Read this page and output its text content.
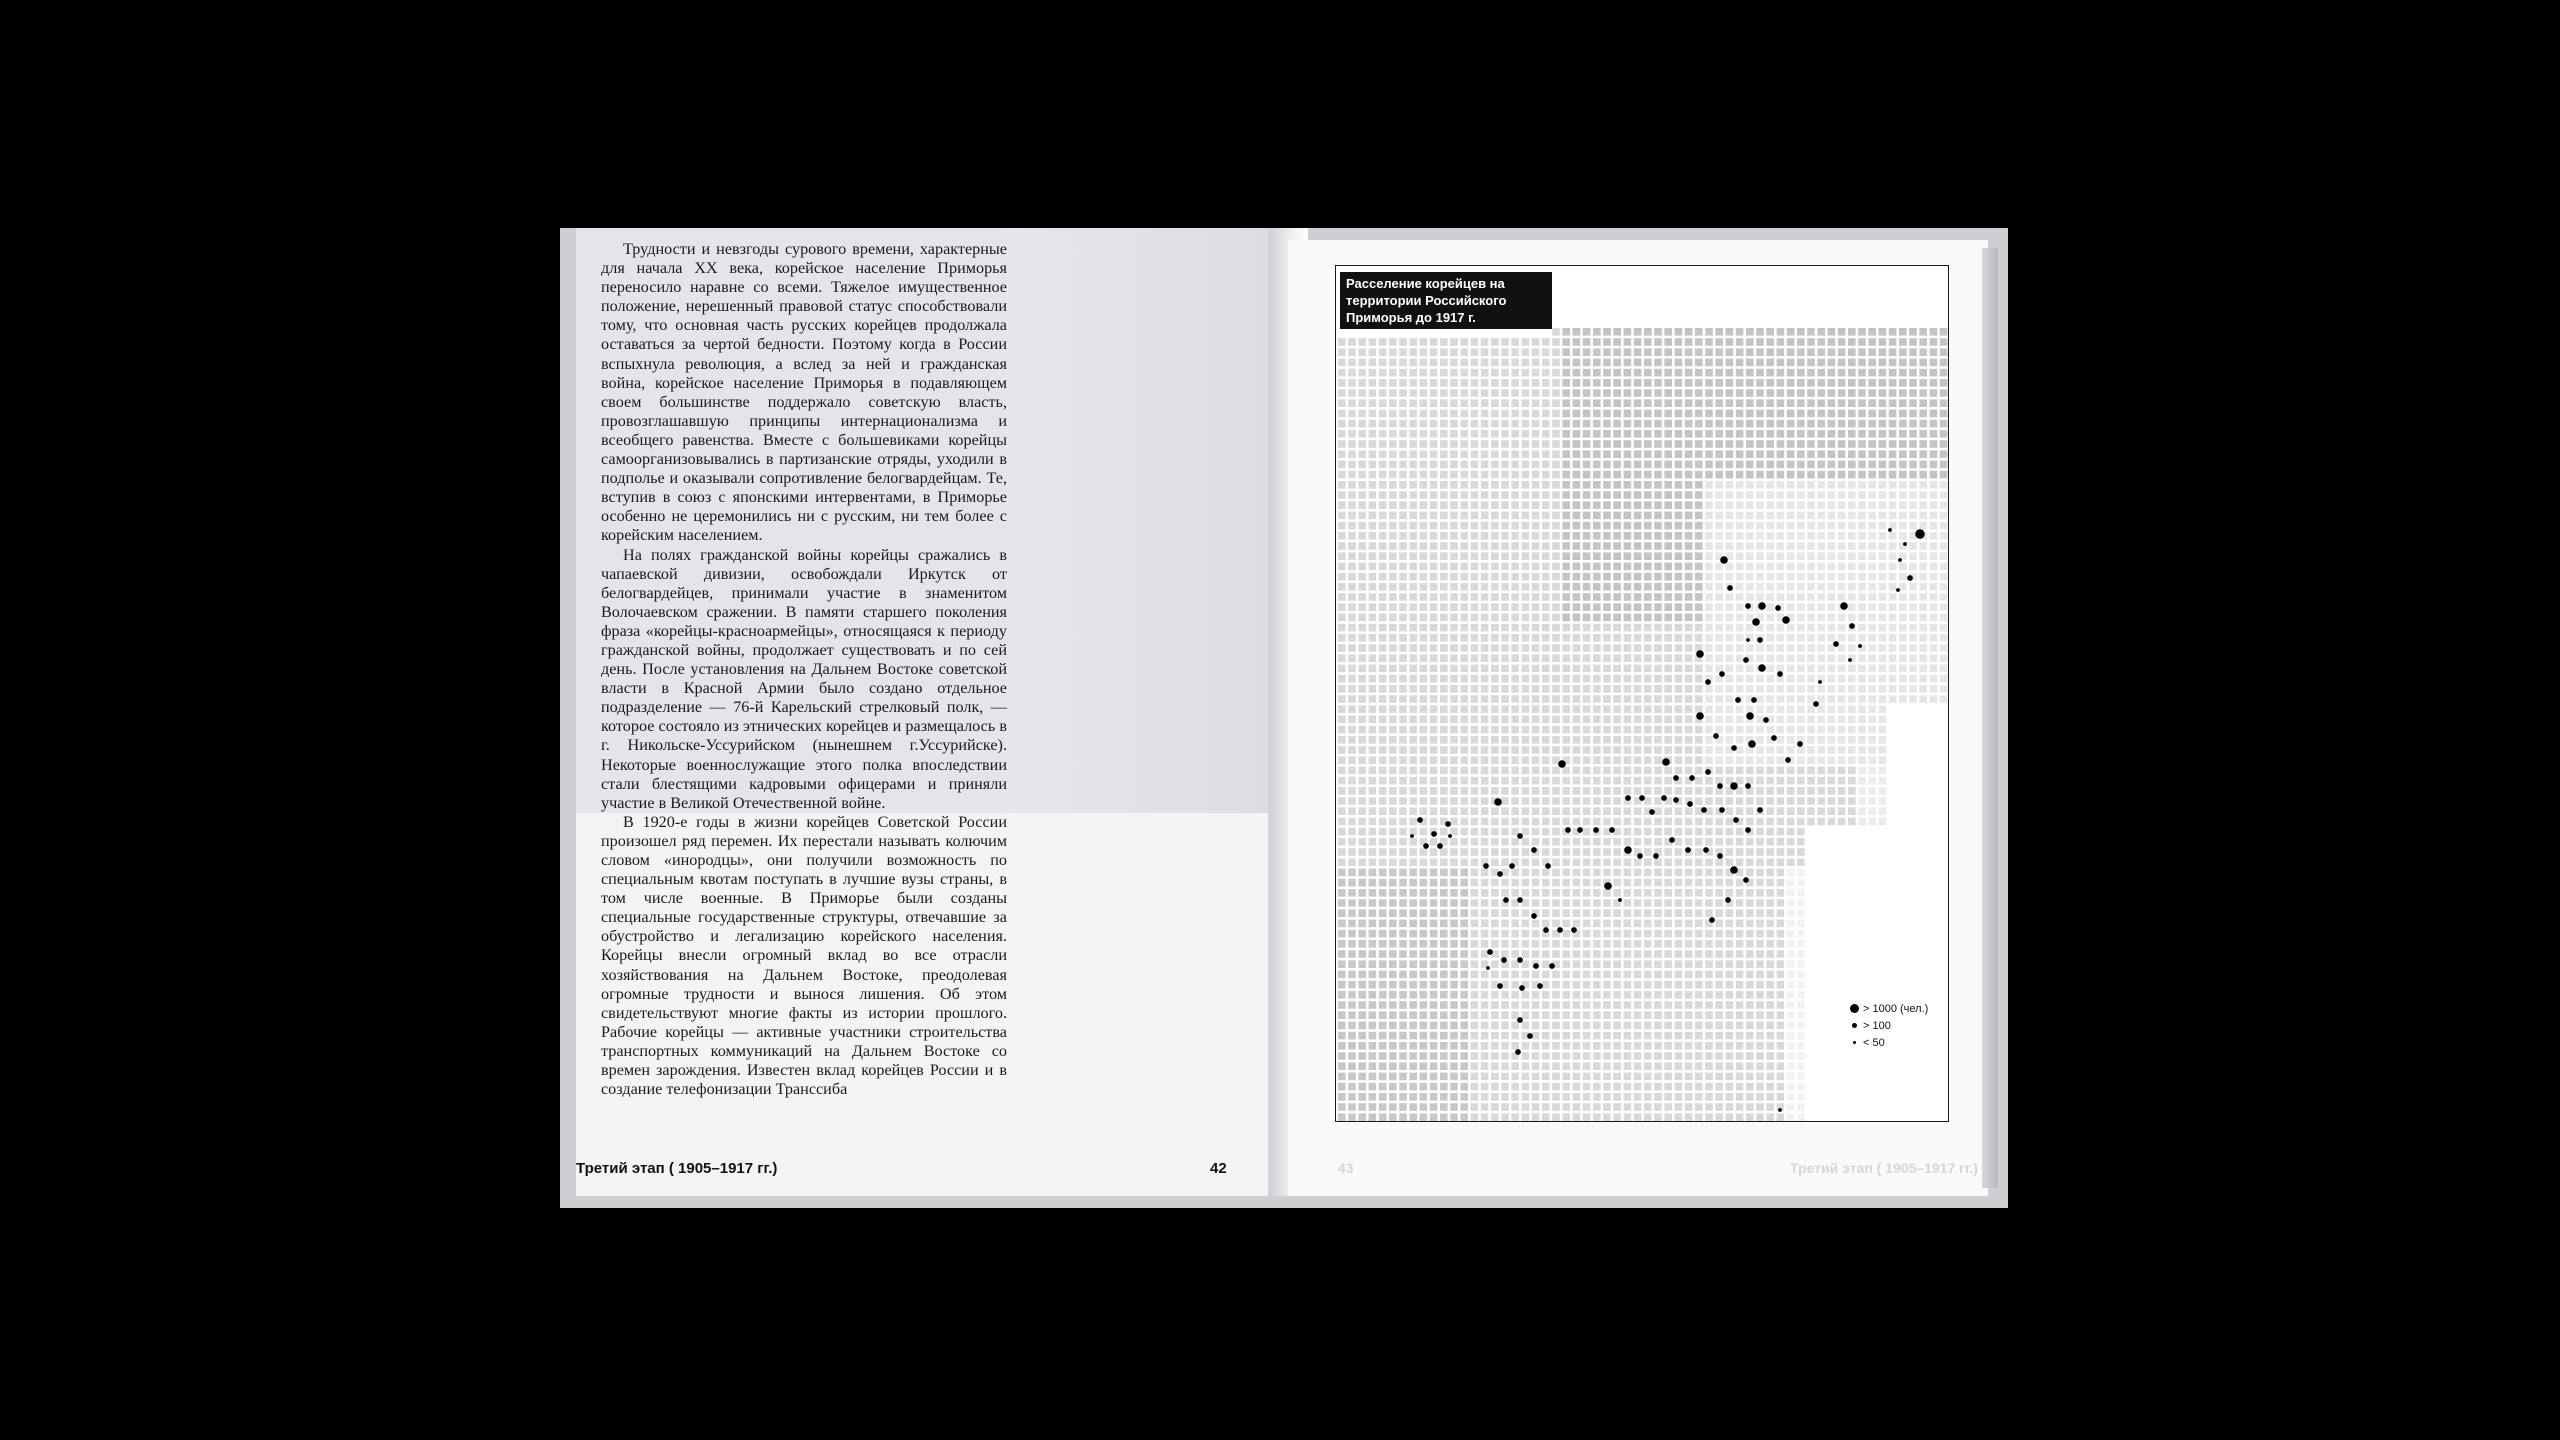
Трудности и невзгоды сурового времени, характерные для начала XX века, корейское население Приморья переносило наравне со всеми. Тяжелое имущественное положение, нерешенный правовой статус способствовали тому, что основная часть русских корейцев продолжала оставаться за чертой бедности. Поэтому когда в России вспыхнула революция, а вслед за ней и гражданская война, корейское население Приморья в подавляющем своем большинстве поддержало советскую власть, провозглашавшую принципы интернационализма и всеобщего равенства. Вместе с большевиками корейцы самоорганизовывались в партизанские отряды, уходили в подполье и оказывали сопротивление белогвардейцам. Те, вступив в союз с японскими интервентами, в Приморье особенно не церемонились ни с русским, ни тем более с корейским населением.

На полях гражданской войны корейцы сражались в чапаевской дивизии, освобождали Иркутск от белогвардейцев, принимали участие в знаменитом Волочаевском сражении. В памяти старшего поколения фраза «корейцы-красноармейцы», относящаяся к периоду гражданской войны, продолжает существовать и по сей день. После установления на Дальнем Востоке советской власти в Красной Армии было создано отдельное подразделение — 76-й Карельский стрелковый полк, — которое состояло из этнических корейцев и размещалось в г. Никольске-Уссурийском (нынешнем г.Уссурийске). Некоторые военнослужащие этого полка впоследствии стали блестящими кадровыми офицерами и приняли участие в Великой Отечественной войне.

В 1920-е годы в жизни корейцев Советской России произошел ряд перемен. Их перестали называть колючим словом «инородцы», они получили возможность по специальным квотам поступать в лучшие вузы страны, в том числе военные. В Приморье были созданы специальные государственные структуры, отвечавшие за обустройство и легализацию корейского населения. Корейцы внесли огромный вклад во все отрасли хозяйствования на Дальнем Востоке, преодолевая огромные трудности и вынося лишения. Об этом свидетельствуют многие факты из истории прошлого. Рабочие корейцы — активные участники строительства транспортных коммуникаций на Дальнем Востоке со времен зарождения. Известен вклад корейцев России и в создание телефонизации Транссиба

Третий этап ( 1905–1917 гг.)	42
Расселение корейцев на территории Российского Приморья до 1917 г.
> 1000 (чел.)
> 100
< 50
Третий этап ( 1905–1917 гг.)
43
